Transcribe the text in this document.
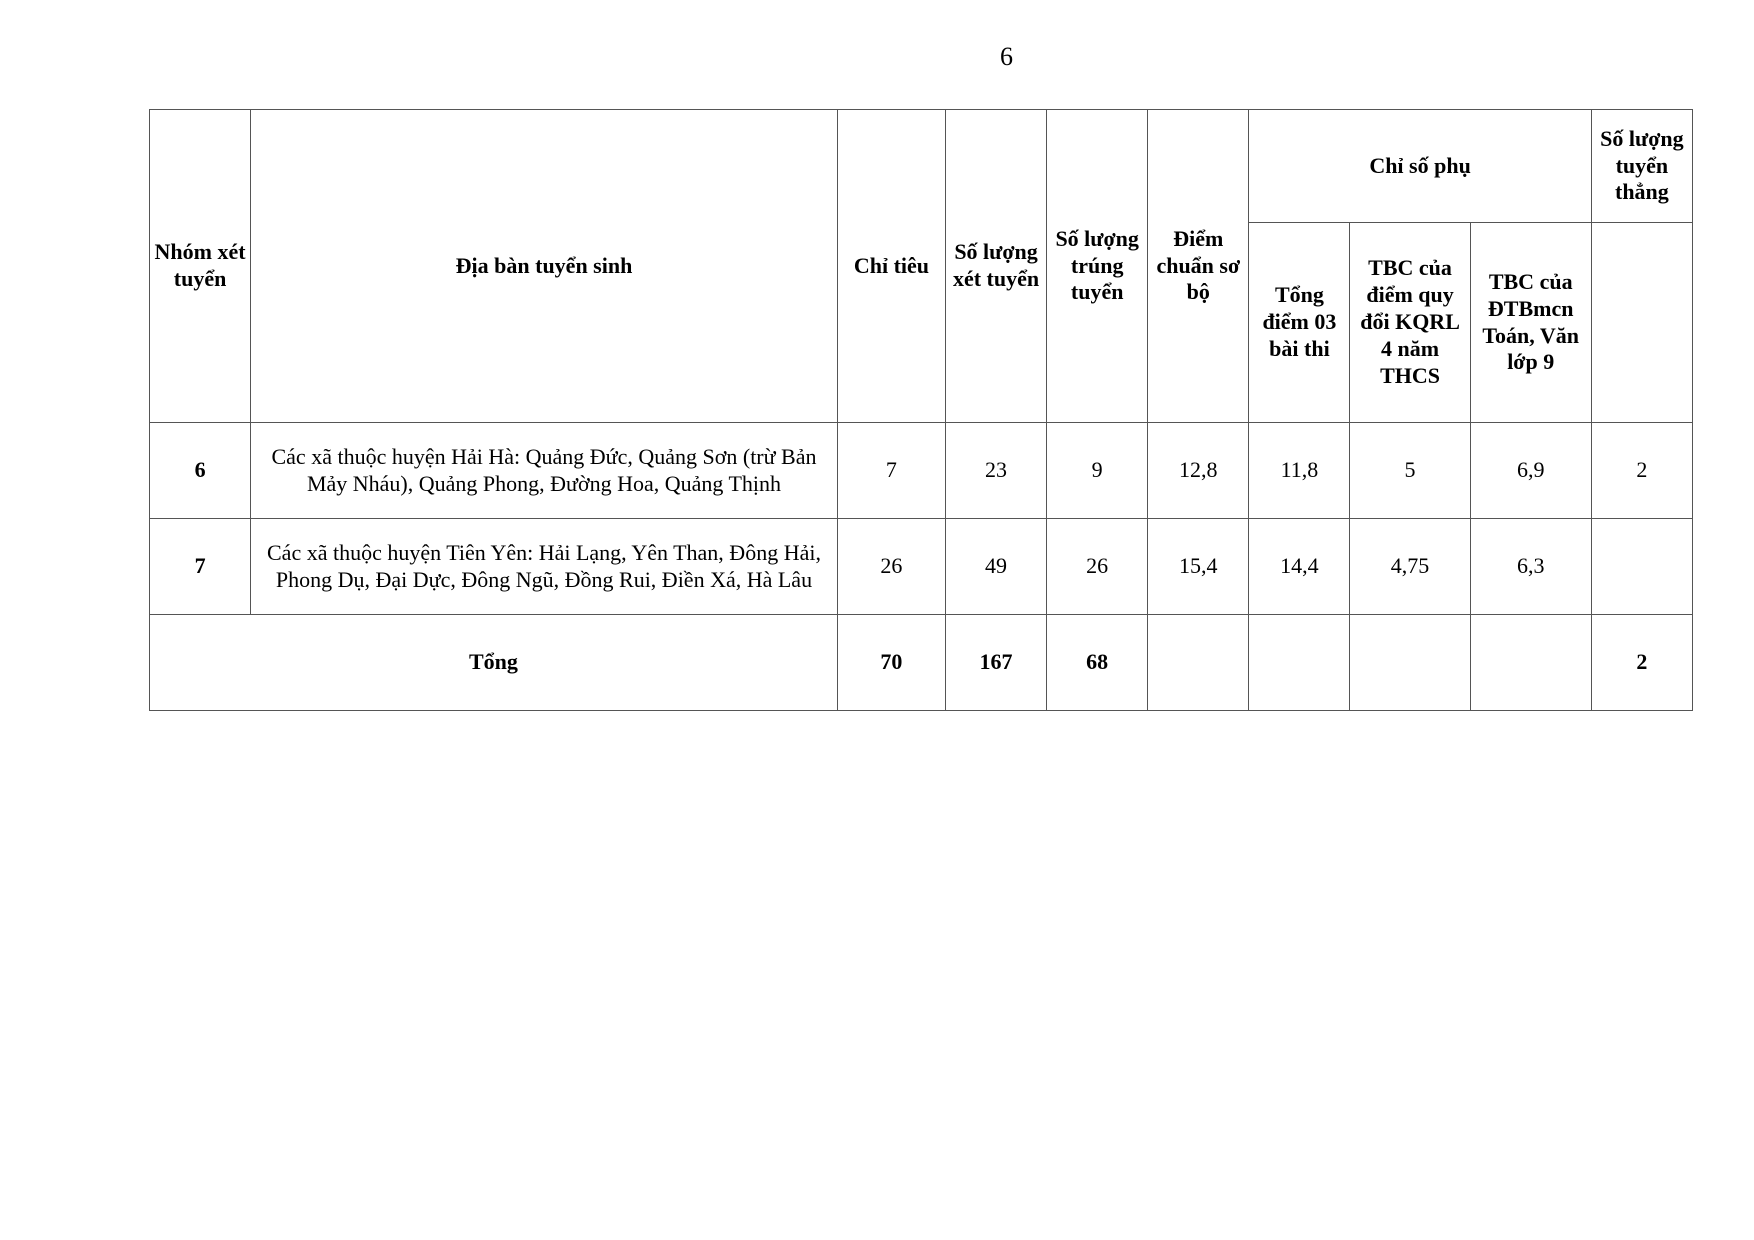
6
Nhóm xét tuyển	Địa bàn tuyển sinh	Chỉ tiêu	Số lượng xét tuyển	Số lượng trúng tuyển	Điểm chuẩn sơ bộ	Chỉ số phụ			Số lượng tuyển thẳng
						Tổng điểm 03 bài thi	TBC của điểm quy đổi KQRL 4 năm THCS	TBC của ĐTBmcn Toán, Văn lớp 9	
6	Các xã thuộc huyện Hải Hà: Quảng Đức, Quảng Sơn (trừ Bản Mảy Nháu), Quảng Phong, Đường Hoa, Quảng Thịnh	7	23	9	12,8	11,8	5	6,9	2
7	Các xã thuộc huyện Tiên Yên: Hải Lạng, Yên Than, Đông Hải, Phong Dụ, Đại Dực, Đông Ngũ, Đồng Rui, Điền Xá, Hà Lâu	26	49	26	15,4	14,4	4,75	6,3	
Tổng		70	167	68					2
